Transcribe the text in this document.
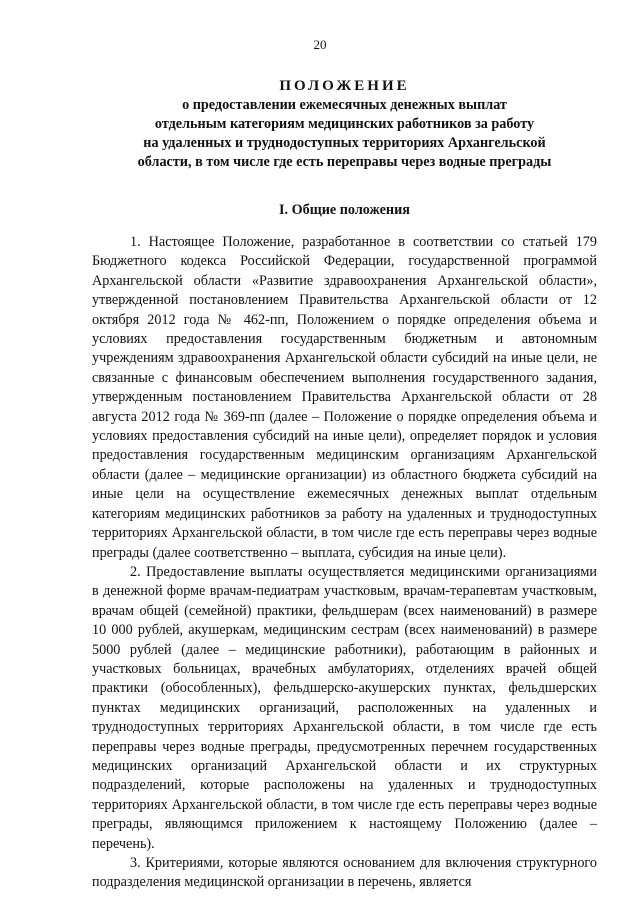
20
ПОЛОЖЕНИЕ
о предоставлении ежемесячных денежных выплат
отдельным категориям медицинских работников за работу
на удаленных и труднодоступных территориях Архангельской
области, в том числе где есть переправы через водные преграды
I. Общие положения

1. Настоящее Положение, разработанное в соответствии со статьей 179 Бюджетного кодекса Российской Федерации, государственной программой Архангельской области «Развитие здравоохранения Архангельской области», утвержденной постановлением Правительства Архангельской области от 12 октября 2012 года № 462-пп, Положением о порядке определения объема и условиях предоставления государственным бюджетным и автономным учреждениям здравоохранения Архангельской области субсидий на иные цели, не связанные с финансовым обеспечением выполнения государственного задания, утвержденным постановлением Правительства Архангельской области от 28 августа 2012 года № 369-пп (далее – Положение о порядке определения объема и условиях предоставления субсидий на иные цели), определяет порядок и условия предоставления государственным медицинским организациям Архангельской области (далее – медицинские организации) из областного бюджета субсидий на иные цели на осуществление ежемесячных денежных выплат отдельным категориям медицинских работников за работу на удаленных и труднодоступных территориях Архангельской области, в том числе где есть переправы через водные преграды (далее соответственно – выплата, субсидия на иные цели).

2. Предоставление выплаты осуществляется медицинскими организациями в денежной форме врачам-педиатрам участковым, врачам-терапевтам участковым, врачам общей (семейной) практики, фельдшерам (всех наименований) в размере 10 000 рублей, акушеркам, медицинским сестрам (всех наименований) в размере 5000 рублей (далее – медицинские работники), работающим в районных и участковых больницах, врачебных амбулаториях, отделениях врачей общей практики (обособленных), фельдшерско-акушерских пунктах, фельдшерских пунктах медицинских организаций, расположенных на удаленных и труднодоступных территориях Архангельской области, в том числе где есть переправы через водные преграды, предусмотренных перечнем государственных медицинских организаций Архангельской области и их структурных подразделений, которые расположены на удаленных и труднодоступных территориях Архангельской области, в том числе где есть переправы через водные преграды, являющимся приложением к настоящему Положению (далее – перечень).

3. Критериями, которые являются основанием для включения структурного подразделения медицинской организации в перечень, является
